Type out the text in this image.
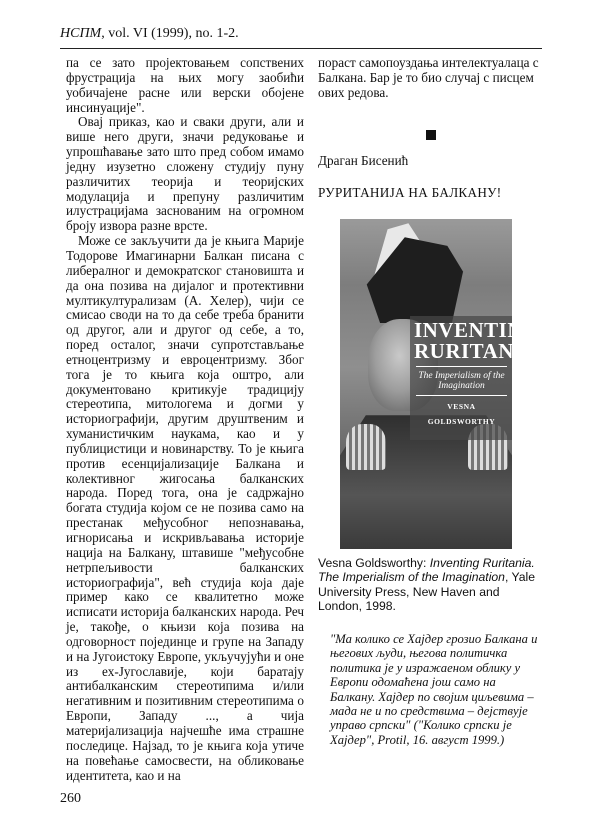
НСПМ, vol. VI (1999), no. 1-2.

па се зато пројектовањем сопствених фрустрација на њих могу заобићи уобичајене расне или верски обојене инсинуације".

Овај приказ, као и сваки други, али и више него други, значи редуковање и упрошћавање зато што пред собом имамо једну изузетно сложену студију пуну различитих теорија и теоријских модулација и препуну различитим илустрацијама заснованим на огромном броју извора разне врсте.

Може се закључити да је књига Марије Тодорове Имагинарни Балкан писана с либералног и демократског становишта и да она позива на дијалог и протективни мултикултурализам (А. Хелер), чији се смисао своди на то да себе треба бранити од другог, али и другог од себе, а то, поред осталог, значи супротстављање етноцентризму и евроцентризму. Због тога је то књига која оштро, али документовано критикује традицију стереотипа, митологема и догми у историографији, другим друштвеним и хуманистичким наукама, као и у публицистици и новинарству. То је књига против есенцијализације Балкана и колективног жигосања балканских народа. Поред тога, она је садржајно богата студија којом се не позива само на престанак међусобног непознавања, игнорисања и искривљавања историје нација на Балкану, штавише "међусобне нетрпељивости балканских историографија", већ студија која даје пример како се квалитетно може исписати историја балканских народа. Реч је, такође, о књизи која позива на одговорност појединце и групе на Западу и на Југоистоку Европе, укључујући и оне из ex-Југославије, који баратају антибалканским стереотипима и/или негативним и позитивним стереотипима о Европи, Западу ..., а чија материјализација најчешће има страшне последице. Најзад, то је књига која утиче на повећање самосвести, на обликовање идентитета, као и на

пораст самопоуздања интелектуалаца с Балкана. Бар је то био случај с писцем ових редова.

Драган Бисенић
РУРИТАНИЈА НА БАЛКАНУ!
INVENTING
RURITANIA
The Imperialism of the Imagination
VESNA GOLDSWORTHY
Vesna Goldsworthy: Inventing Ruritania. The Imperialism of the Imagination, Yale University Press, New Haven and London, 1998.
"Ма колико се Хајдер грозио Балкана и његових људи, његова политичка политика је у изражаеном облику у Европи одомаћена још само на Балкану. Хајдер по својим циљевима – мада не и по средствима – дејствује управо српски" ("Колико српски је Хајдер", Protil, 16. август 1999.)
260
